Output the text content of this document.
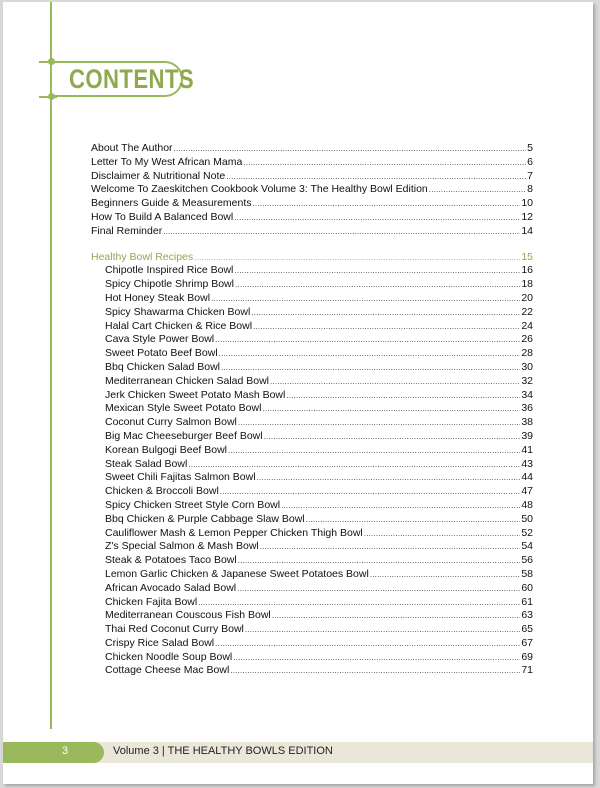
CONTENTS
About The Author .....	5
Letter To My West African Mama .....	6
Disclaimer & Nutritional Note .....	7
Welcome To Zaeskitchen Cookbook Volume 3: The Healthy Bowl Edition .....	8
Beginners Guide & Measurements .....	10
How To Build A Balanced Bowl .....	12
Final Reminder .....	14
Healthy Bowl Recipes .....	15
Chipotle Inspired Rice Bowl .....	16
Spicy Chipotle Shrimp Bowl .....	18
Hot Honey Steak Bowl .....	20
Spicy Shawarma Chicken Bowl .....	22
Halal Cart Chicken & Rice Bowl .....	24
Cava Style Power Bowl .....	26
Sweet Potato Beef Bowl .....	28
Bbq Chicken Salad Bowl .....	30
Mediterranean Chicken Salad Bowl .....	32
Jerk Chicken Sweet Potato Mash Bowl .....	34
Mexican Style Sweet Potato Bowl .....	36
Coconut Curry Salmon Bowl .....	38
Big Mac Cheeseburger Beef Bowl .....	39
Korean Bulgogi Beef Bowl .....	41
Steak Salad Bowl .....	43
Sweet Chili Fajitas Salmon Bowl .....	44
Chicken & Broccoli Bowl .....	47
Spicy Chicken Street Style Corn Bowl .....	48
Bbq Chicken & Purple Cabbage Slaw Bowl .....	50
Cauliflower Mash & Lemon Pepper Chicken Thigh Bowl .....	52
Z's Special Salmon & Mash Bowl .....	54
Steak & Potatoes Taco Bowl .....	56
Lemon Garlic Chicken & Japanese Sweet Potatoes Bowl .....	58
African Avocado Salad Bowl .....	60
Chicken Fajita Bowl .....	61
Mediterranean Couscous Fish Bowl .....	63
Thai Red Coconut Curry Bowl .....	65
Crispy Rice Salad Bowl .....	67
Chicken Noodle Soup Bowl .....	69
Cottage Cheese Mac Bowl .....	71
3	Volume 3 | THE HEALTHY BOWLS EDITION
